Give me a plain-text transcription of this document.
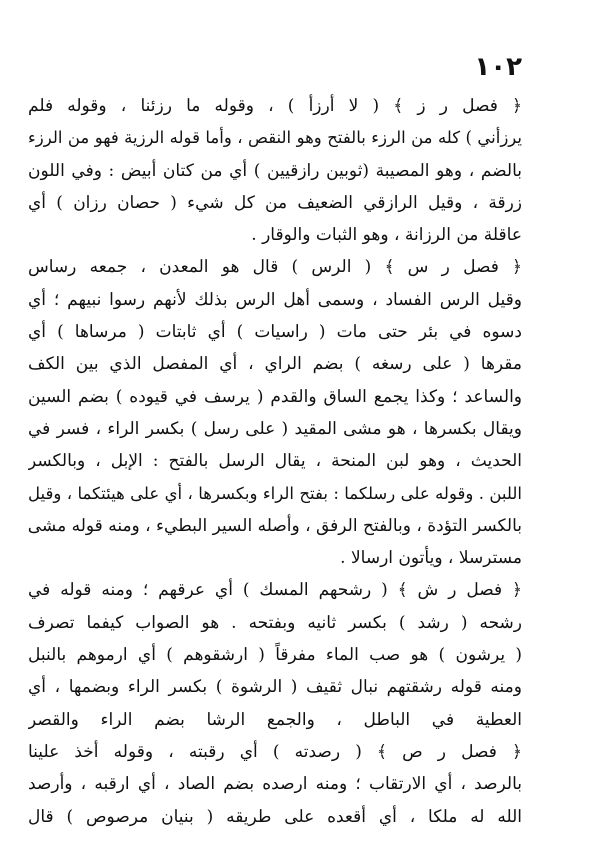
١٠٢
﴿ فصل ر ز ﴾ ( لا أرزأ ) ، وقوله ما رزئنا ، وقوله فلم
يرزأني ) كله من الرزء بالفتح وهو النقص ، وأما قوله الرزية فهو من الرزء
بالضم ، وهو المصيبة (ثوبين رازقيين ) أي من كتان أبيض : وفي اللون
زرقة ، وقيل الرازقي الضعيف من كل شيء ( حصان رزان ) أي
عاقلة من الرزانة ، وهو الثبات والوقار .
﴿ فصل ر س ﴾ ( الرس ) قال هو المعدن ، جمعه رساس
وقيل الرس الفساد ، وسمى أهل الرس بذلك لأنهم رسوا نبيهم ؛ أي
دسوه في بئر حتى مات ( راسيات ) أي ثابتات ( مرساها ) أي
مقرها ( على رسغه ) بضم الراي ، أي المفصل الذي بين الكف
والساعد ؛ وكذا يجمع الساق والقدم ( يرسف في قيوده ) بضم السين
ويقال بكسرها ، هو مشى المقيد ( على رسل ) بكسر الراء ، فسر في
الحديث ، وهو لبن المنحة ، يقال الرسل بالفتح : الإبل ، وبالكسر
اللبن . وقوله على رسلكما : بفتح الراء وبكسرها ، أي على هيئتكما ، وقيل
بالكسر التؤدة ، وبالفتح الرفق ، وأصله السير البطيء ، ومنه قوله مشى
مسترسلا ، ويأتون ارسالا .
﴿ فصل ر ش ﴾ ( رشحهم المسك ) أي عرقهم ؛ ومنه قوله في
رشحه ( رشد ) بكسر ثانيه وبفتحه . هو الصواب كيفما تصرف
( يرشون ) هو صب الماء مفرقاً ( ارشقوهم ) أي ارموهم بالنبل
ومنه قوله رشقتهم نبال ثقيف ( الرشوة ) بكسر الراء وبضمها ، أي
العطية في الباطل ، والجمع الرشا بضم الراء والقصر
﴿ فصل ر ص ﴾ ( رصدته ) أي رقبته ، وقوله أخذ علينا
بالرصد ، أي الارتقاب ؛ ومنه ارصده بضم الصاد ، أي ارقبه ، وأرصد
الله له ملكا ، أي أقعده على طريقه ( بنيان مرصوص ) قال
